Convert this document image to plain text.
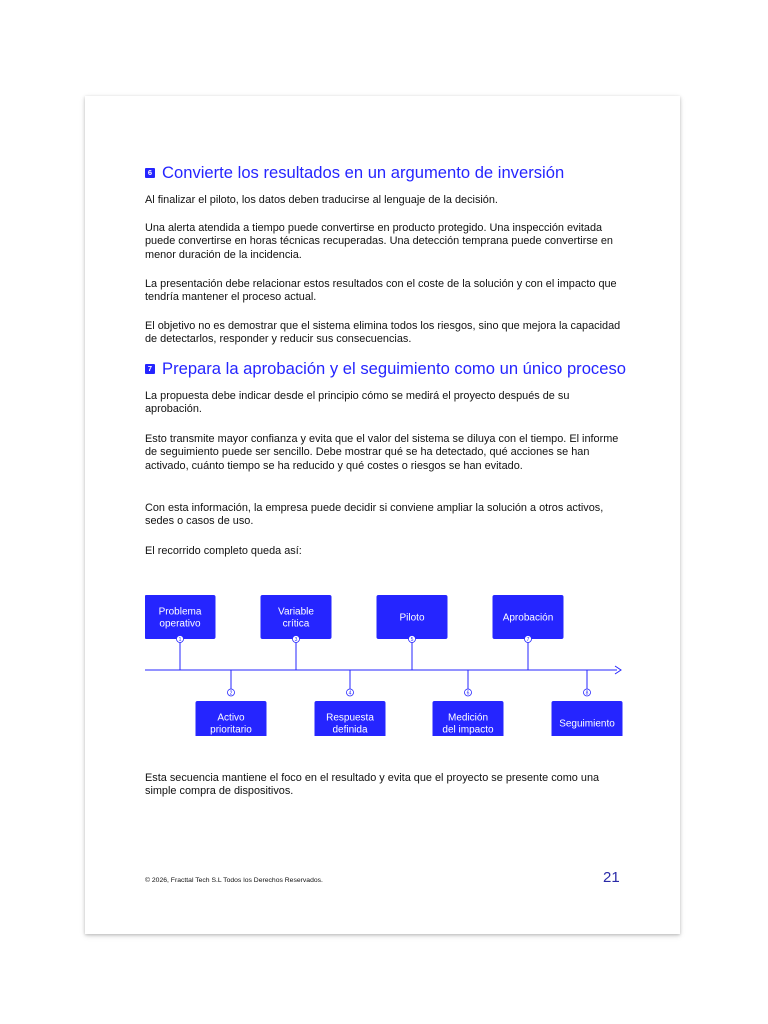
6 Convierte los resultados en un argumento de inversión

Al finalizar el piloto, los datos deben traducirse al lenguaje de la decisión.

Una alerta atendida a tiempo puede convertirse en producto protegido. Una inspección evitada puede convertirse en horas técnicas recuperadas. Una detección temprana puede convertirse en menor duración de la incidencia.

La presentación debe relacionar estos resultados con el coste de la solución y con el impacto que tendría mantener el proceso actual.

El objetivo no es demostrar que el sistema elimina todos los riesgos, sino que mejora la capacidad de detectarlos, responder y reducir sus consecuencias.

7 Prepara la aprobación y el seguimiento como un único proceso

La propuesta debe indicar desde el principio cómo se medirá el proyecto después de su aprobación.

Esto transmite mayor confianza y evita que el valor del sistema se diluya con el tiempo. El informe de seguimiento puede ser sencillo. Debe mostrar qué se ha detectado, qué acciones se han activado, cuánto tiempo se ha reducido y qué costes o riesgos se han evitado.

Con esta información, la empresa puede decidir si conviene ampliar la solución a otros activos, sedes o casos de uso.

El recorrido completo queda así:

1
Problema
operativo
2
Activo
prioritario
3
Variable
crítica
4
Respuesta
definida
5
Piloto
6
Medición
del impacto
7
Aprobación
8
Seguimiento

Esta secuencia mantiene el foco en el resultado y evita que el proyecto se presente como una simple compra de dispositivos.

© 2026, Fracttal Tech S.L Todos los Derechos Reservados.	21
